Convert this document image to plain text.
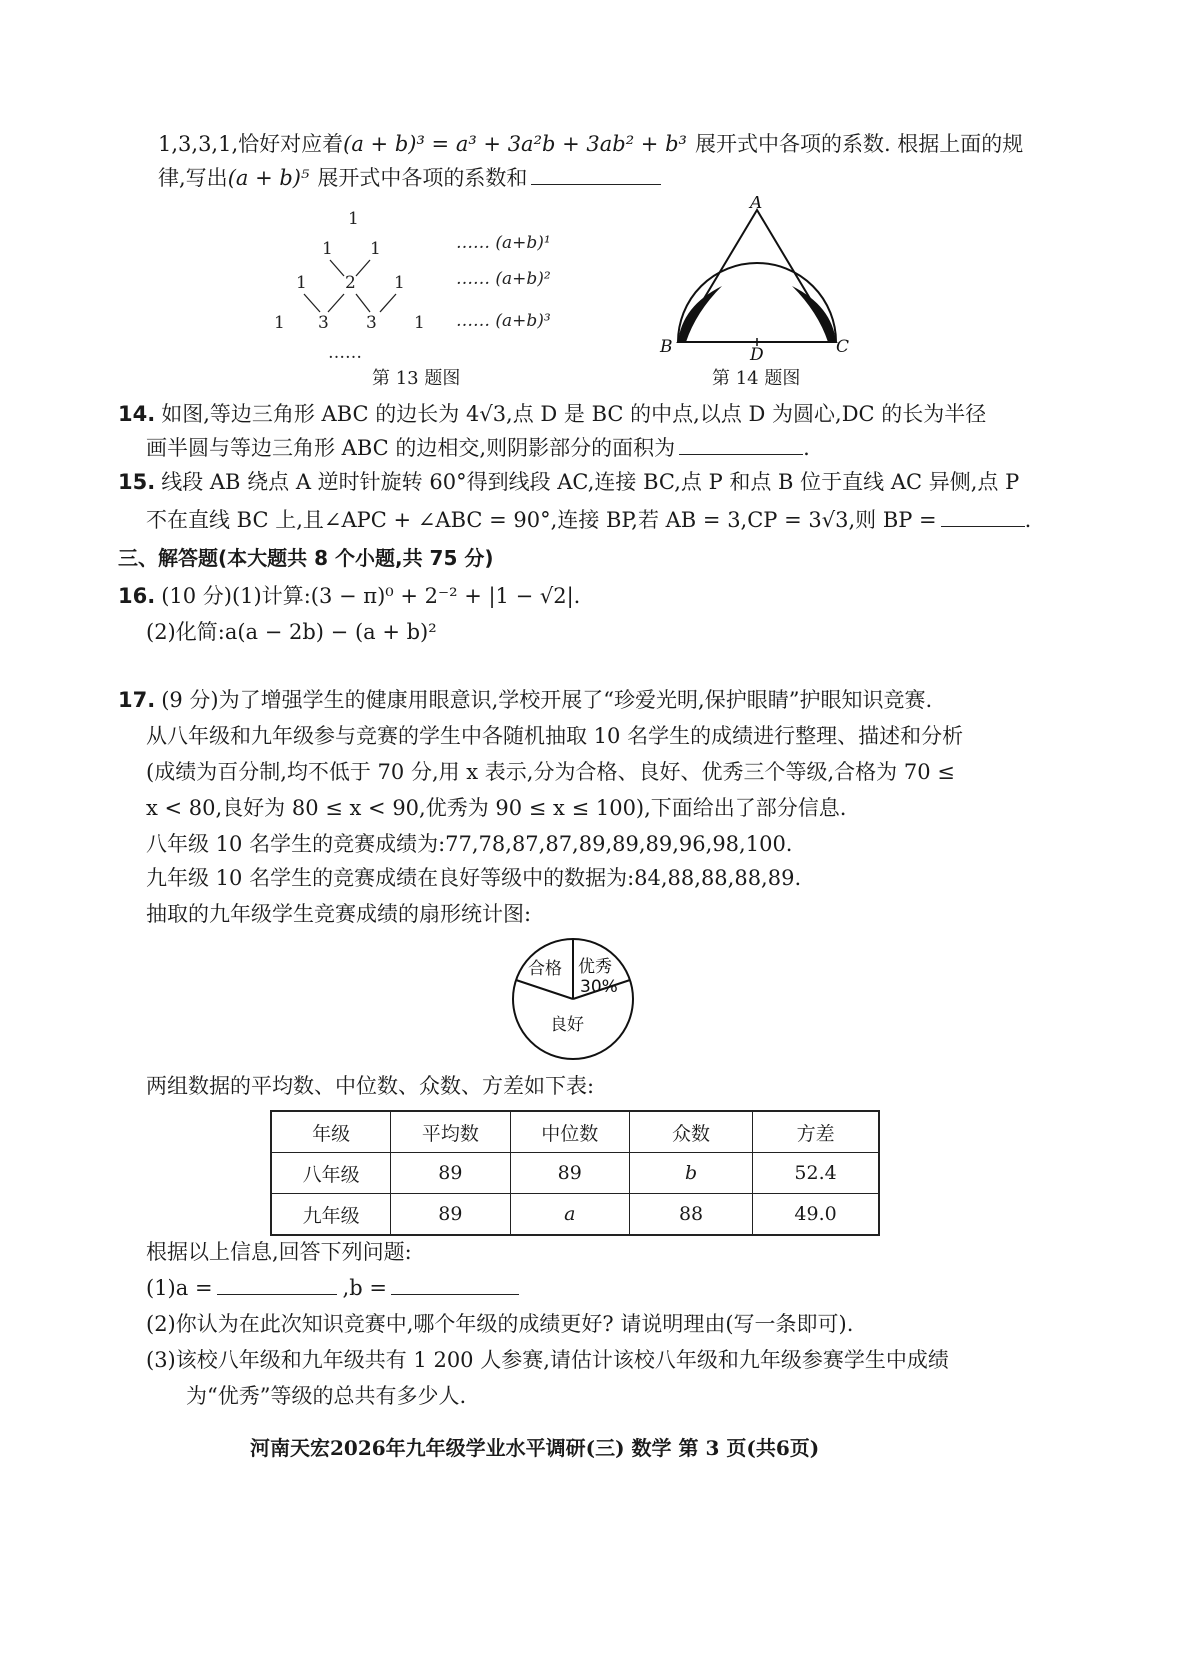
1,3,3,1,恰好对应着(a + b)³ = a³ + 3a²b + 3ab² + b³ 展开式中各项的系数. 根据上面的规
律,写出(a + b)⁵ 展开式中各项的系数和
1
1 1
1 2 1
1 3 3 1
……
…… (a+b)¹
…… (a+b)²
…… (a+b)³
第 13 题图
A
B	C
D
第 14 题图
14. 如图,等边三角形 ABC 的边长为 4√3,点 D 是 BC 的中点,以点 D 为圆心,DC 的长为半径
画半圆与等边三角形 ABC 的边相交,则阴影部分的面积为	.
15. 线段 AB 绕点 A 逆时针旋转 60°得到线段 AC,连接 BC,点 P 和点 B 位于直线 AC 异侧,点 P
不在直线 BC 上,且∠APC + ∠ABC = 90°,连接 BP,若 AB = 3,CP = 3√3,则 BP =	.
三、解答题(本大题共 8 个小题,共 75 分)
16. (10 分)(1)计算:(3 − π)⁰ + 2⁻² + |1 − √2|.
(2)化简:a(a − 2b) − (a + b)²
17. (9 分)为了增强学生的健康用眼意识,学校开展了“珍爱光明,保护眼睛”护眼知识竞赛.
从八年级和九年级参与竞赛的学生中各随机抽取 10 名学生的成绩进行整理、描述和分析
(成绩为百分制,均不低于 70 分,用 x 表示,分为合格、良好、优秀三个等级,合格为 70 ≤
x < 80,良好为 80 ≤ x < 90,优秀为 90 ≤ x ≤ 100),下面给出了部分信息.
八年级 10 名学生的竞赛成绩为:77,78,87,87,89,89,89,96,98,100.
九年级 10 名学生的竞赛成绩在良好等级中的数据为:84,88,88,88,89.
抽取的九年级学生竞赛成绩的扇形统计图:
合格 优秀
30%
良好
两组数据的平均数、中位数、众数、方差如下表:
年级	平均数	中位数	众数	方差
八年级	89	89	b	52.4
九年级	89	a	88	49.0
根据以上信息,回答下列问题:
(1)a =	,b =
(2)你认为在此次知识竞赛中,哪个年级的成绩更好? 请说明理由(写一条即可).
(3)该校八年级和九年级共有 1 200 人参赛,请估计该校八年级和九年级参赛学生中成绩
为“优秀”等级的总共有多少人.
河南天宏2026年九年级学业水平调研(三) 数学 第 3 页(共6页)
